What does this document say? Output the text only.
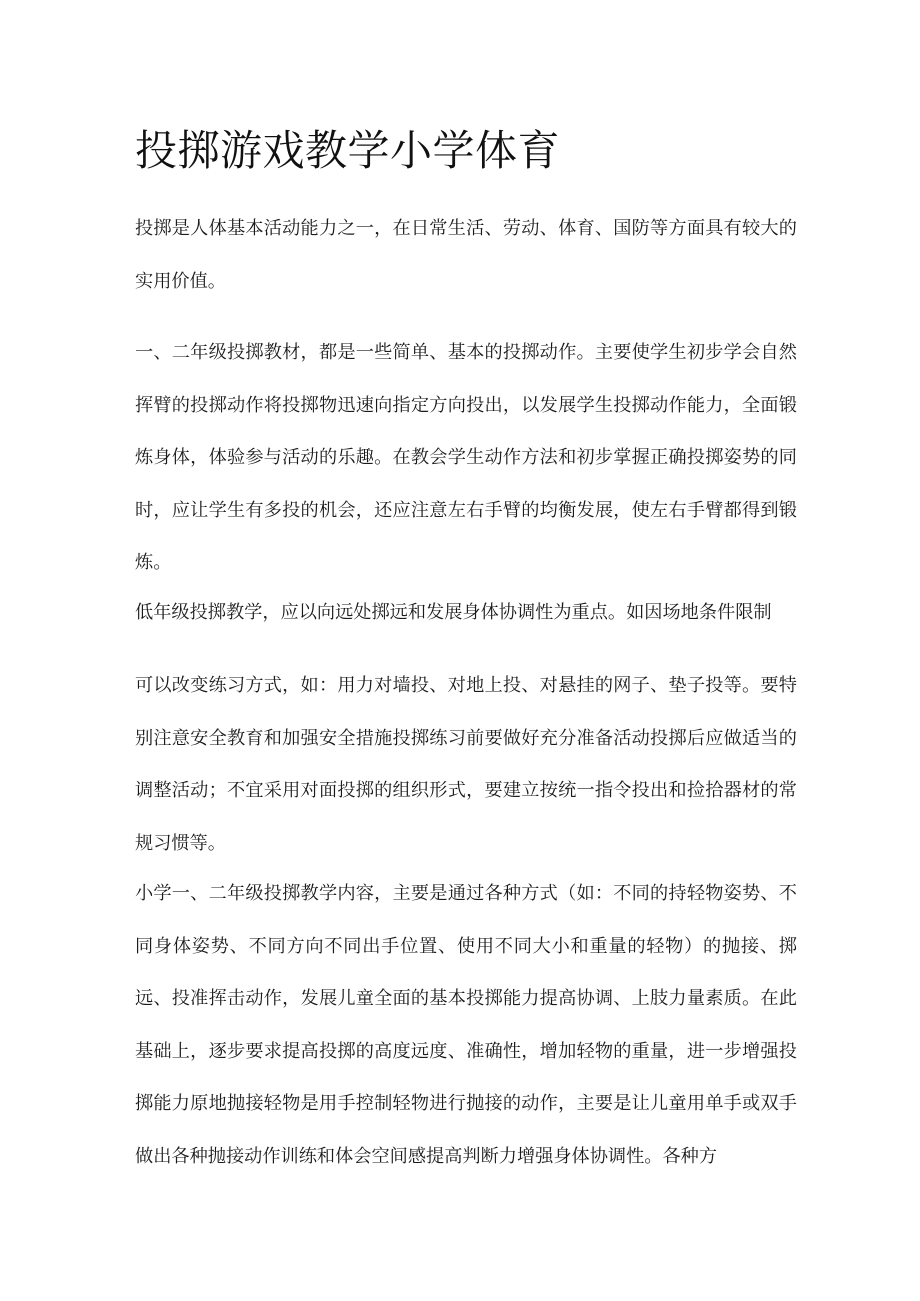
投掷游戏教学小学体育

投掷是人体基本活动能力之一，在日常生活、劳动、体育、国防等方面具有较大的实用价值。

一、二年级投掷教材，都是一些简单、基本的投掷动作。主要使学生初步学会自然挥臂的投掷动作将投掷物迅速向指定方向投出，以发展学生投掷动作能力，全面锻炼身体，体验参与活动的乐趣。在教会学生动作方法和初步掌握正确投掷姿势的同时，应让学生有多投的机会，还应注意左右手臂的均衡发展，使左右手臂都得到锻炼。

低年级投掷教学，应以向远处掷远和发展身体协调性为重点。如因场地条件限制

可以改变练习方式，如：用力对墙投、对地上投、对悬挂的网子、垫子投等。要特别注意安全教育和加强安全措施投掷练习前要做好充分准备活动投掷后应做适当的调整活动；不宜采用对面投掷的组织形式，要建立按统一指令投出和捡拾器材的常规习惯等。

小学一、二年级投掷教学内容，主要是通过各种方式（如：不同的持轻物姿势、不同身体姿势、不同方向不同出手位置、使用不同大小和重量的轻物）的抛接、掷远、投准挥击动作，发展儿童全面的基本投掷能力提高协调、上肢力量素质。在此基础上，逐步要求提高投掷的高度远度、准确性，增加轻物的重量，进一步增强投掷能力原地抛接轻物是用手控制轻物进行抛接的动作，主要是让儿童用单手或双手做出各种抛接动作训练和体会空间感提高判断力增强身体协调性。各种方
